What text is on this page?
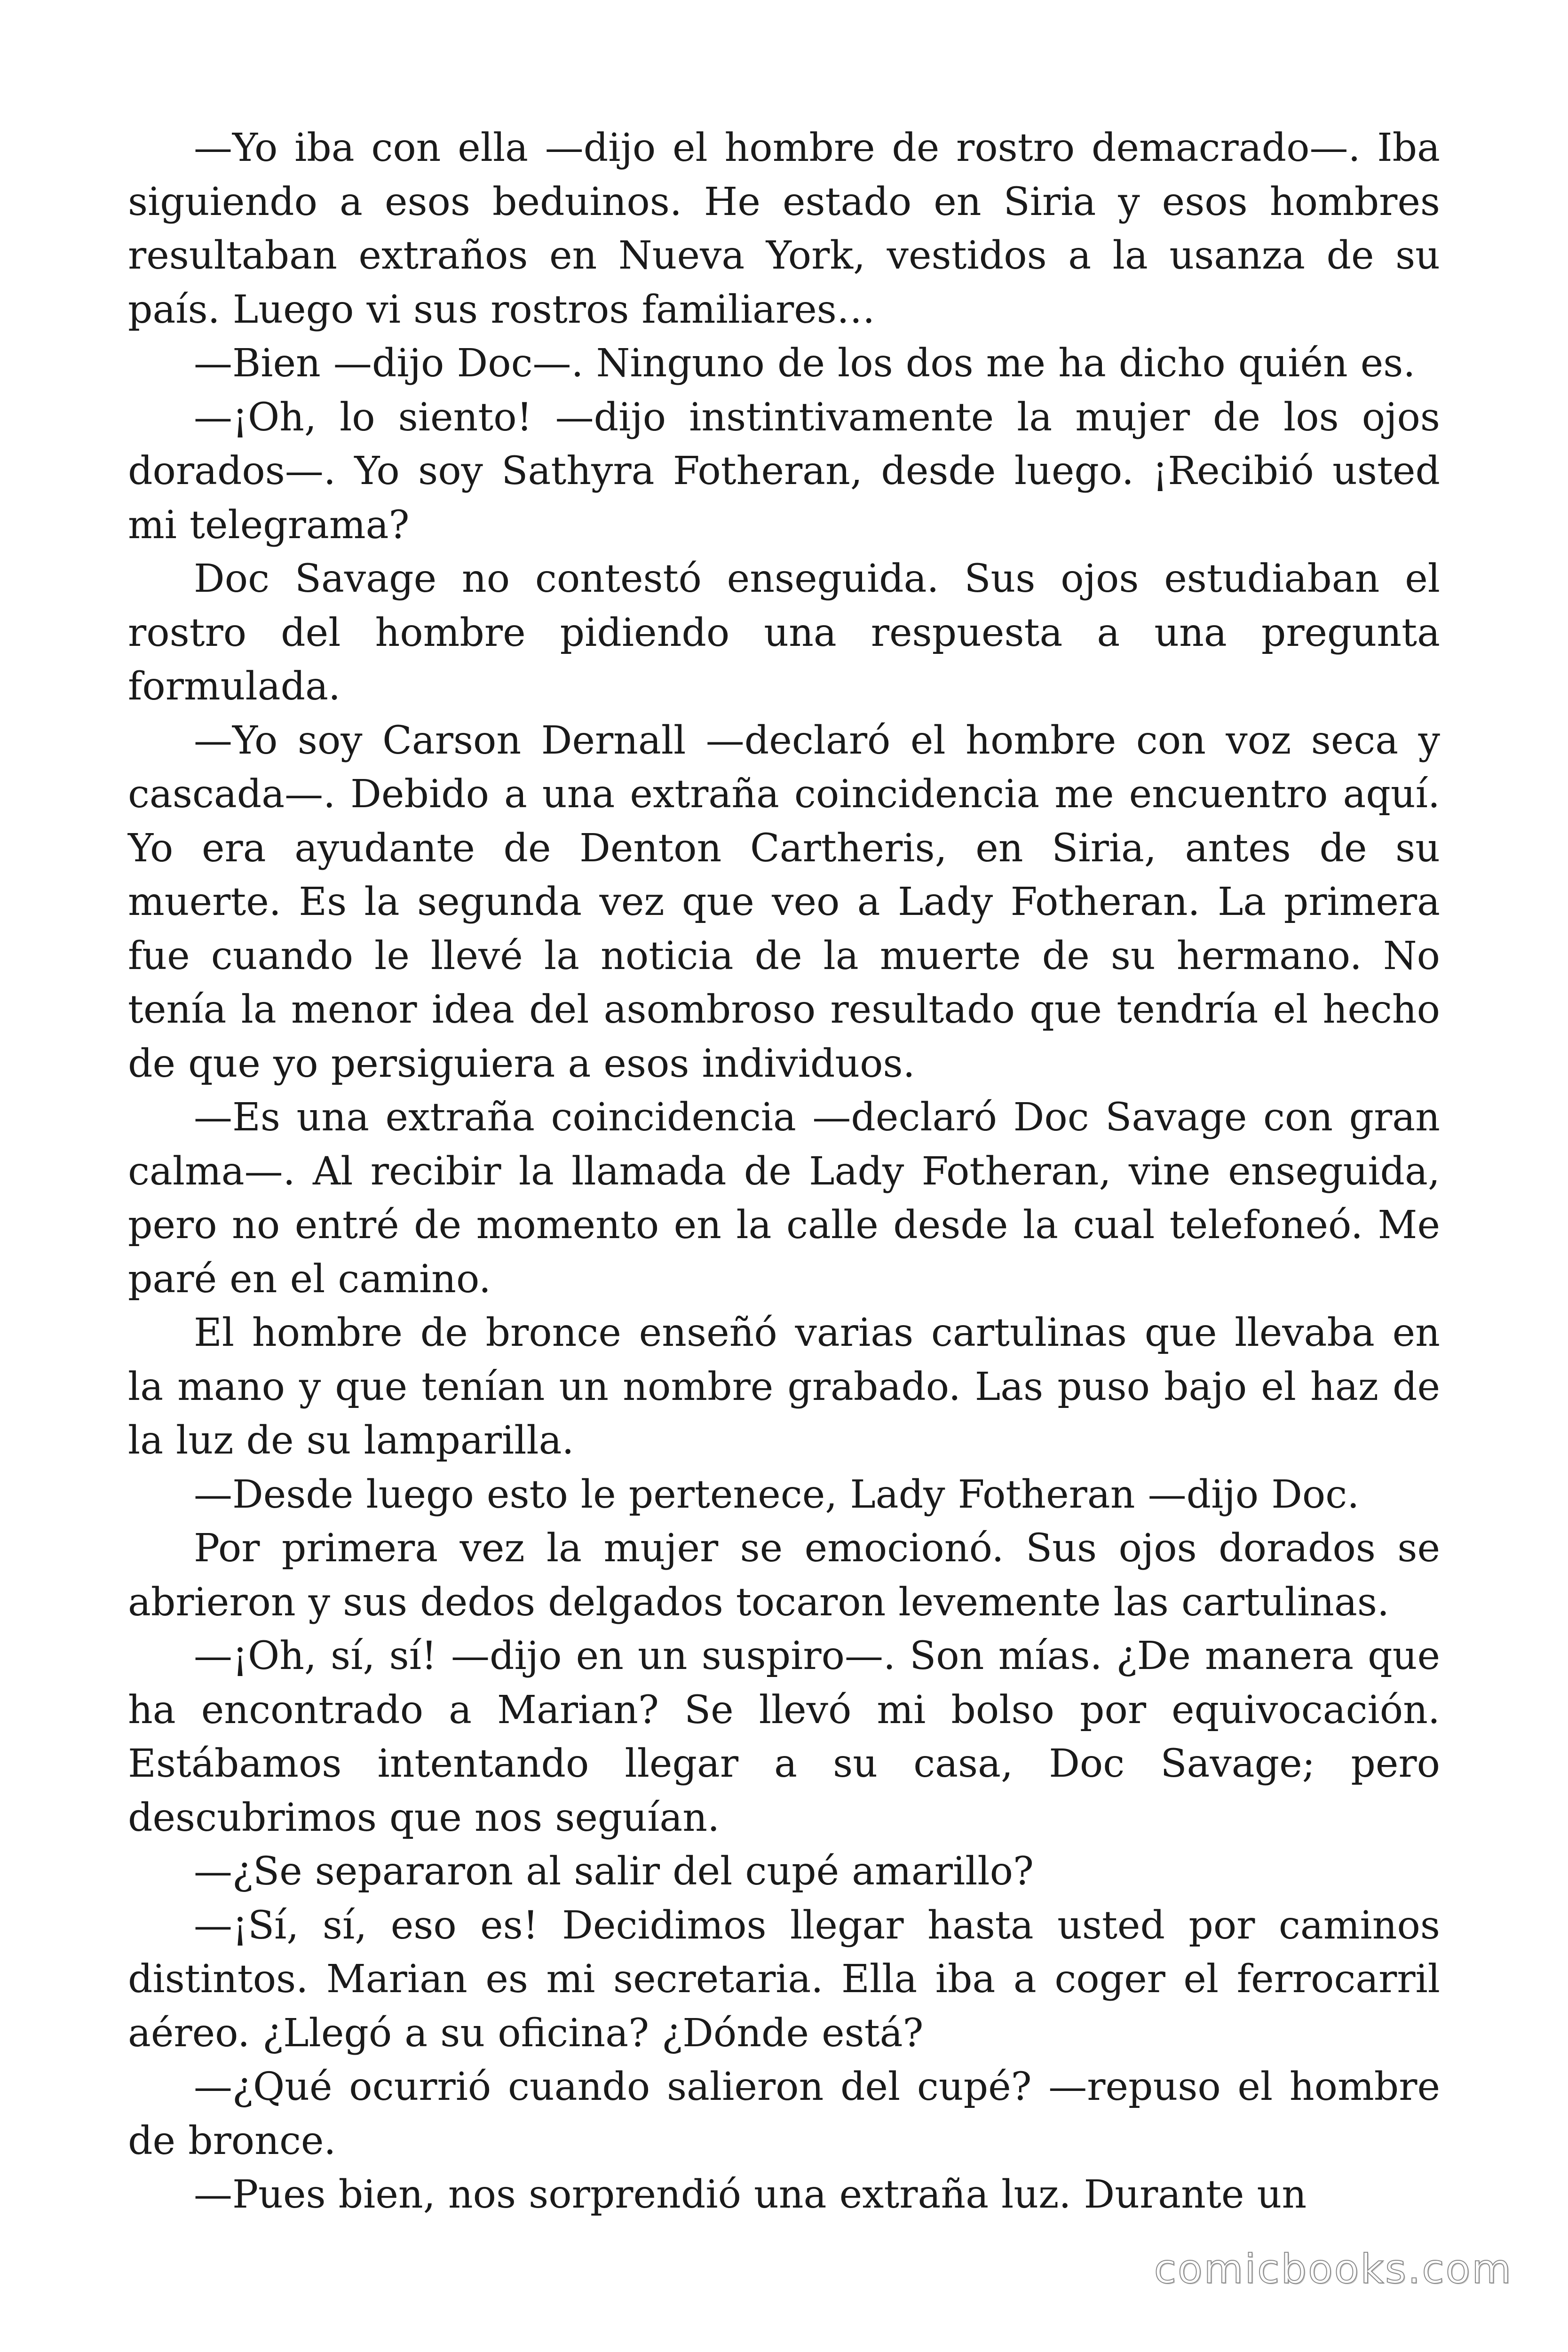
—Yo iba con ella —dijo el hombre de rostro demacrado—. Iba siguiendo a esos beduinos. He estado en Siria y esos hombres resultaban extraños en Nueva York, vestidos a la usanza de su país. Luego vi sus rostros familiares…

—Bien —dijo Doc—. Ninguno de los dos me ha dicho quién es.

—¡Oh, lo siento! —dijo instintivamente la mujer de los ojos dorados—. Yo soy Sathyra Fotheran, desde luego. ¡Recibió usted mi telegrama?

Doc Savage no contestó enseguida. Sus ojos estudiaban el rostro del hombre pidiendo una respuesta a una pregunta formulada.

—Yo soy Carson Dernall —declaró el hombre con voz seca y cascada—. Debido a una extraña coincidencia me encuentro aquí. Yo era ayudante de Denton Cartheris, en Siria, antes de su muerte. Es la segunda vez que veo a Lady Fotheran. La primera fue cuando le llevé la noticia de la muerte de su hermano. No tenía la menor idea del asombroso resultado que tendría el hecho de que yo persiguiera a esos individuos.

—Es una extraña coincidencia —declaró Doc Savage con gran calma—. Al recibir la llamada de Lady Fotheran, vine enseguida, pero no entré de momento en la calle desde la cual telefoneó. Me paré en el camino.

El hombre de bronce enseñó varias cartulinas que llevaba en la mano y que tenían un nombre grabado. Las puso bajo el haz de la luz de su lamparilla.

—Desde luego esto le pertenece, Lady Fotheran —dijo Doc.

Por primera vez la mujer se emocionó. Sus ojos dorados se abrieron y sus dedos delgados tocaron levemente las cartulinas.

—¡Oh, sí, sí! —dijo en un suspiro—. Son mías. ¿De manera que ha encontrado a Marian? Se llevó mi bolso por equivocación. Estábamos intentando llegar a su casa, Doc Savage; pero descubrimos que nos seguían.

—¿Se separaron al salir del cupé amarillo?

—¡Sí, sí, eso es! Decidimos llegar hasta usted por caminos distintos. Marian es mi secretaria. Ella iba a coger el ferrocarril aéreo. ¿Llegó a su oficina? ¿Dónde está?

—¿Qué ocurrió cuando salieron del cupé? —repuso el hombre de bronce.

—Pues bien, nos sorprendió una extraña luz. Durante un

comicbooks.com
